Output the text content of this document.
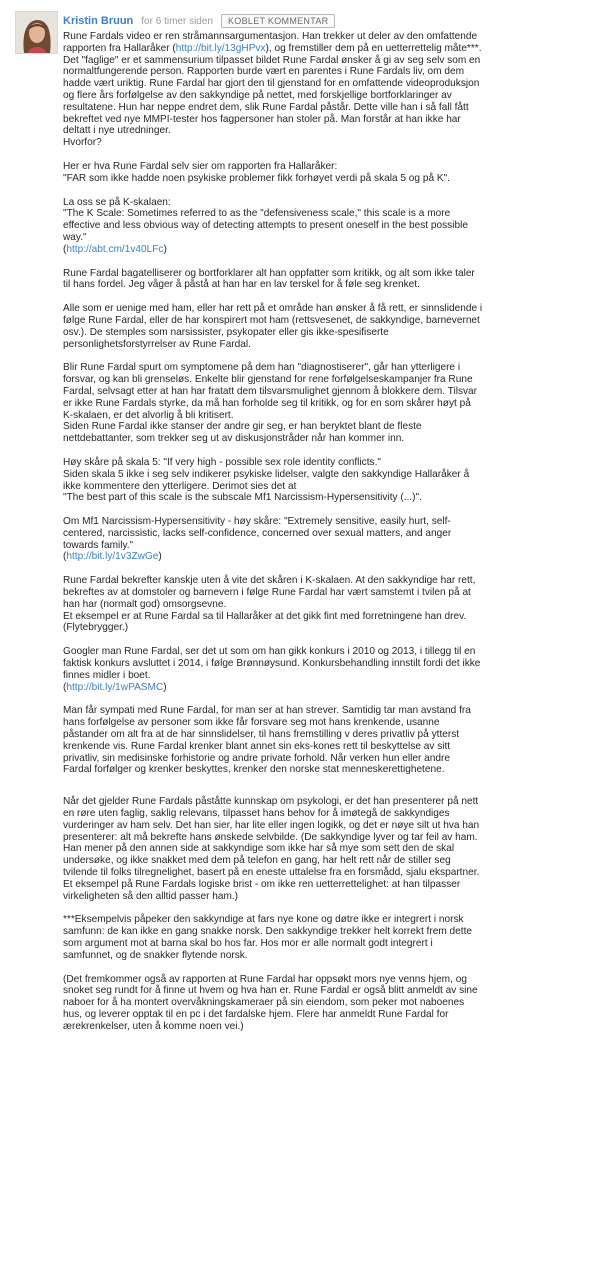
Kristin Bruun for 6 timer siden	KOBLET KOMMENTAR
Rune Fardals video er ren stråmannsargumentasjon. Han trekker ut deler av den omfattende
rapporten fra Hallaråker (http://bit.ly/13gHPvx), og fremstiller dem på en uetterrettelig måte***.
Det "faglige" er et sammensurium tilpasset bildet Rune Fardal ønsker å gi av seg selv som en
normaltfungerende person. Rapporten burde vært en parentes i Rune Fardals liv, om dem
hadde vært uriktig. Rune Fardal har gjort den til gjenstand for en omfattende videoproduksjon
og flere års forfølgelse av den sakkyndige på nettet, med forskjellige bortforklaringer av
resultatene. Hun har neppe endret dem, slik Rune Fardal påstår. Dette ville han i så fall fått
bekreftet ved nye MMPI-tester hos fagpersoner han stoler på. Man forstår at han ikke har
deltatt i nye utredninger.
Hvorfor?
Her er hva Rune Fardal selv sier om rapporten fra Hallaråker:
"FAR som ikke hadde noen psykiske problemer fikk forhøyet verdi på skala 5 og på K".
La oss se på K-skalaen:
"The K Scale: Sometimes referred to as the "defensiveness scale," this scale is a more
effective and less obvious way of detecting attempts to present oneself in the best possible
way."
(http://abt.cm/1v40LFc)
Rune Fardal bagatelliserer og bortforklarer alt han oppfatter som kritikk, og alt som ikke taler
til hans fordel. Jeg våger å påstå at han har en lav terskel for å føle seg krenket.
Alle som er uenige med ham, eller har rett på et område han ønsker å få rett, er sinnslidende i
følge Rune Fardal, eller de har konspirert mot ham (rettsvesenet, de sakkyndige, barnevernet
osv.). De stemples som narsissister, psykopater eller gis ikke-spesifiserte
personlighetsforstyrrelser av Rune Fardal.
Blir Rune Fardal spurt om symptomene på dem han "diagnostiserer", går han ytterligere i
forsvar, og kan bli grenseløs. Enkelte blir gjenstand for rene forfølgelseskampanjer fra Rune
Fardal, selvsagt etter at han har fratatt dem tilsvarsmulighet gjennom å blokkere dem. Tilsvar
er ikke Rune Fardals styrke, da må han forholde seg til kritikk, og for en som skårer høyt på
K-skalaen, er det alvorlig å bli kritisert.
Siden Rune Fardal ikke stanser der andre gir seg, er han beryktet blant de fleste
nettdebattanter, som trekker seg ut av diskusjonstråder når han kommer inn.
Høy skåre på skala 5: "If very high - possible sex role identity conflicts."
Siden skala 5 ikke i seg selv indikerer psykiske lidelser, valgte den sakkyndige Hallaråker å
ikke kommentere den ytterligere. Derimot sies det at
"The best part of this scale is the subscale Mf1 Narcissism-Hypersensitivity (...)".
Om Mf1 Narcissism-Hypersensitivity - høy skåre: "Extremely sensitive, easily hurt, self-
centered, narcissistic, lacks self-confidence, concerned over sexual matters, and anger
towards family."
(http://bit.ly/1v3ZwGe)
Rune Fardal bekrefter kanskje uten å vite det skåren i K-skalaen. At den sakkyndige har rett,
bekreftes av at domstoler og barnevern i følge Rune Fardal har vært samstemt i tvilen på at
han har (normalt god) omsorgsevne.
Et eksempel er at Rune Fardal sa til Hallaråker at det gikk fint med forretningene han drev.
(Flytebrygger.)
Googler man Rune Fardal, ser det ut som om han gikk konkurs i 2010 og 2013, i tillegg til en
faktisk konkurs avsluttet i 2014, i følge Brønnøysund. Konkursbehandling innstilt fordi det ikke
finnes midler i boet.
(http://bit.ly/1wPASMC)
Man får sympati med Rune Fardal, for man ser at han strever. Samtidig tar man avstand fra
hans forfølgelse av personer som ikke får forsvare seg mot hans krenkende, usanne
påstander om alt fra at de har sinnslidelser, til hans fremstilling v deres privatliv på ytterst
krenkende vis. Rune Fardal krenker blant annet sin eks-kones rett til beskyttelse av sitt
privatliv, sin medisinske forhistorie og andre private forhold. Når verken hun eller andre
Fardal forfølger og krenker beskyttes, krenker den norske stat menneskerettighetene.
Når det gjelder Rune Fardals påståtte kunnskap om psykologi, er det han presenterer på nett
en røre uten faglig, saklig relevans, tilpasset hans behov for å imøtegå de sakkyndiges
vurderinger av ham selv. Det han sier, har lite eller ingen logikk, og det er nøye silt ut hva han
presenterer: alt må bekrefte hans ønskede selvbilde. (De sakkyndige lyver og tar feil av ham.
Han mener på den annen side at sakkyndige som ikke har så mye som sett den de skal
undersøke, og ikke snakket med dem på telefon en gang, har helt rett når de stiller seg
tvilende til folks tilregnelighet, basert på en eneste uttalelse fra en forsmådd, sjalu ekspartner.
Et eksempel på Rune Fardals logiske brist - om ikke ren uetterrettelighet: at han tilpasser
virkeligheten så den alltid passer ham.)
***Eksempelvis påpeker den sakkyndige at fars nye kone og døtre ikke er integrert i norsk
samfunn: de kan ikke en gang snakke norsk. Den sakkyndige trekker helt korrekt frem dette
som argument mot at barna skal bo hos far. Hos mor er alle normalt godt integrert i
samfunnet, og de snakker flytende norsk.
(Det fremkommer også av rapporten at Rune Fardal har oppsøkt mors nye venns hjem, og
snoket seg rundt for å finne ut hvem og hva han er. Rune Fardal er også blitt anmeldt av sine
naboer for å ha montert overvåkningskameraer på sin eiendom, som peker mot naboenes
hus, og leverer opptak til en pc i det fardalske hjem. Flere har anmeldt Rune Fardal for
ærekrenkelser, uten å komme noen vei.)
